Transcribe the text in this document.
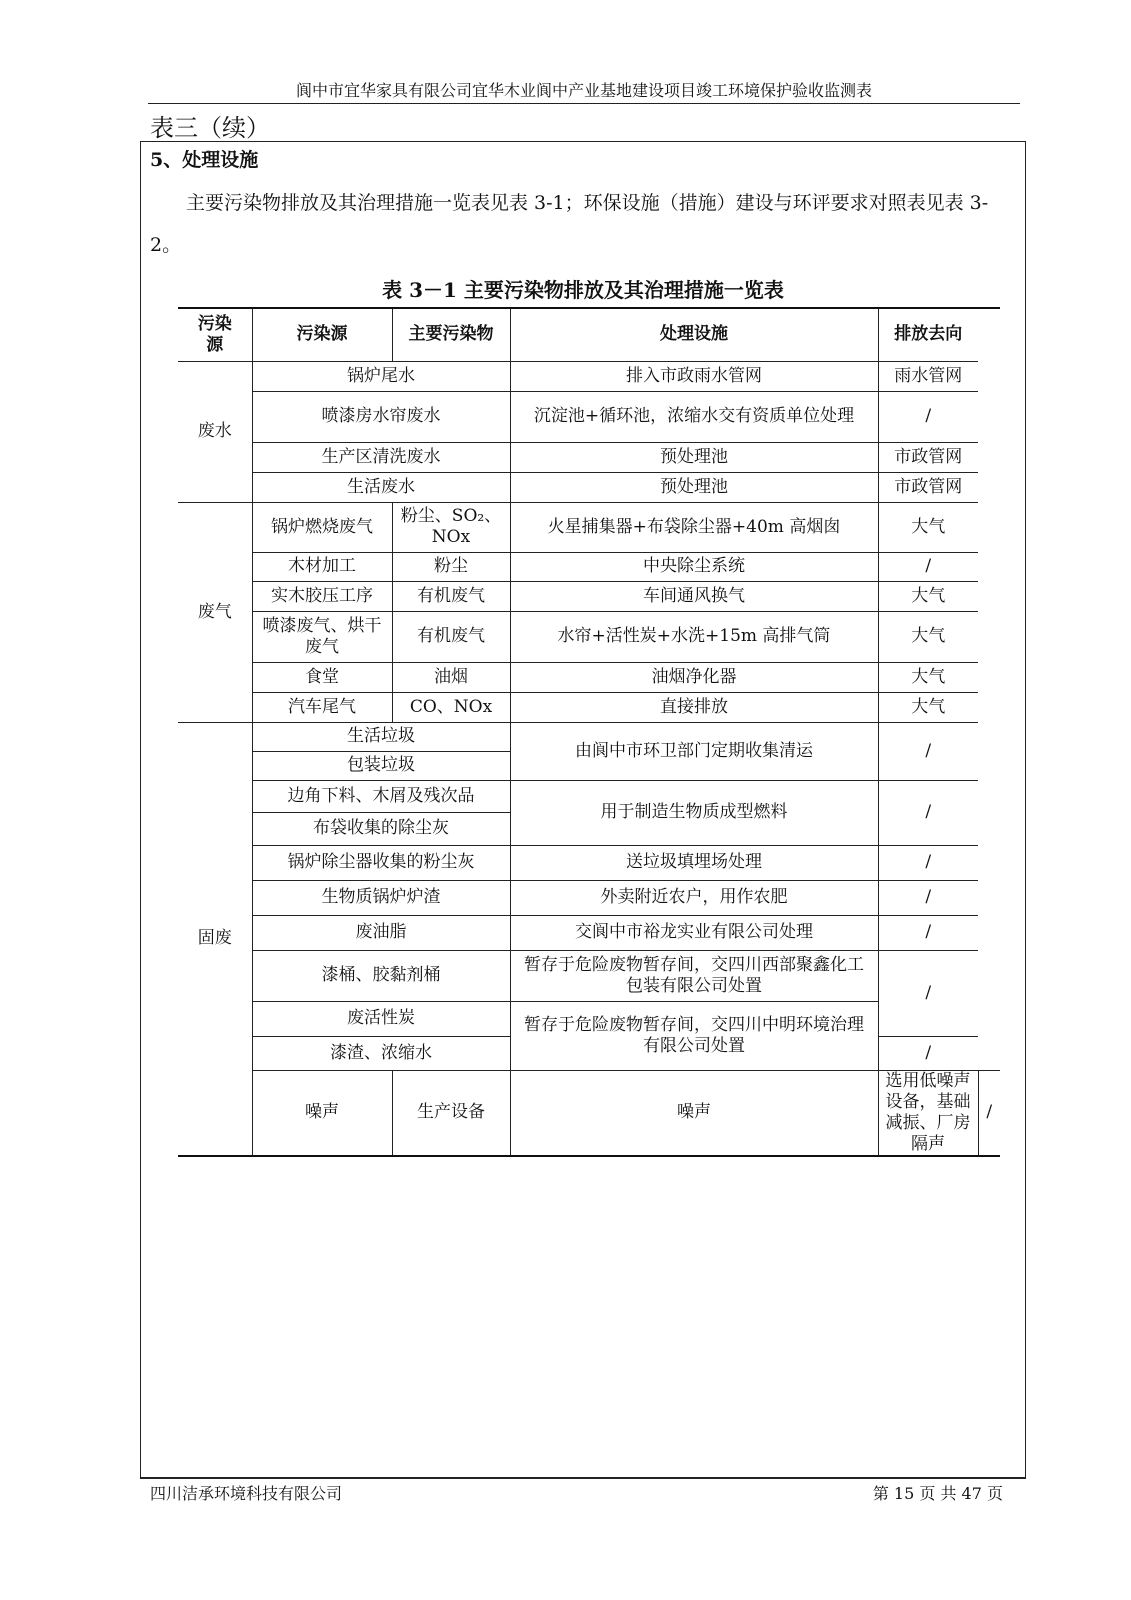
阆中市宜华家具有限公司宜华木业阆中产业基地建设项目竣工环境保护验收监测表
表三（续）
5、处理设施
主要污染物排放及其治理措施一览表见表 3-1；环保设施（措施）建设与环评要求对照表见表 3-2。
表 3－1 主要污染物排放及其治理措施一览表
污染源	污染源	主要污染物	处理设施	排放去向	
废水	锅炉尾水		排入市政雨水管网	雨水管网	
	喷漆房水帘废水		沉淀池+循环池，浓缩水交有资质单位处理	/	
	生产区清洗废水		预处理池	市政管网	
	生活废水		预处理池	市政管网	
废气	锅炉燃烧废气	粉尘、SO₂、NOx	火星捕集器+布袋除尘器+40m 高烟囱	大气	
	木材加工	粉尘	中央除尘系统	/	
	实木胶压工序	有机废气	车间通风换气	大气	
	喷漆废气、烘干废气	有机废气	水帘+活性炭+水洗+15m 高排气筒	大气	
	食堂	油烟	油烟净化器	大气	
	汽车尾气	CO、NOx	直接排放	大气	
固废	生活垃圾		由阆中市环卫部门定期收集清运	/	
	包装垃圾				
	边角下料、木屑及残次品		用于制造生物质成型燃料	/	
	布袋收集的除尘灰				
	锅炉除尘器收集的粉尘灰		送垃圾填埋场处理	/	
	生物质锅炉炉渣		外卖附近农户，用作农肥	/	
	废油脂		交阆中市裕龙实业有限公司处理	/	
	漆桶、胶黏剂桶		暂存于危险废物暂存间，交四川西部聚鑫化工包装有限公司处置	/	
	废活性炭		暂存于危险废物暂存间，交四川中明环境治理有限公司处置		
	漆渣、浓缩水			/	
	噪声	生产设备	噪声	选用低噪声设备，基础减振、厂房隔声	/
四川洁承环境科技有限公司	第 15 页 共 47 页
